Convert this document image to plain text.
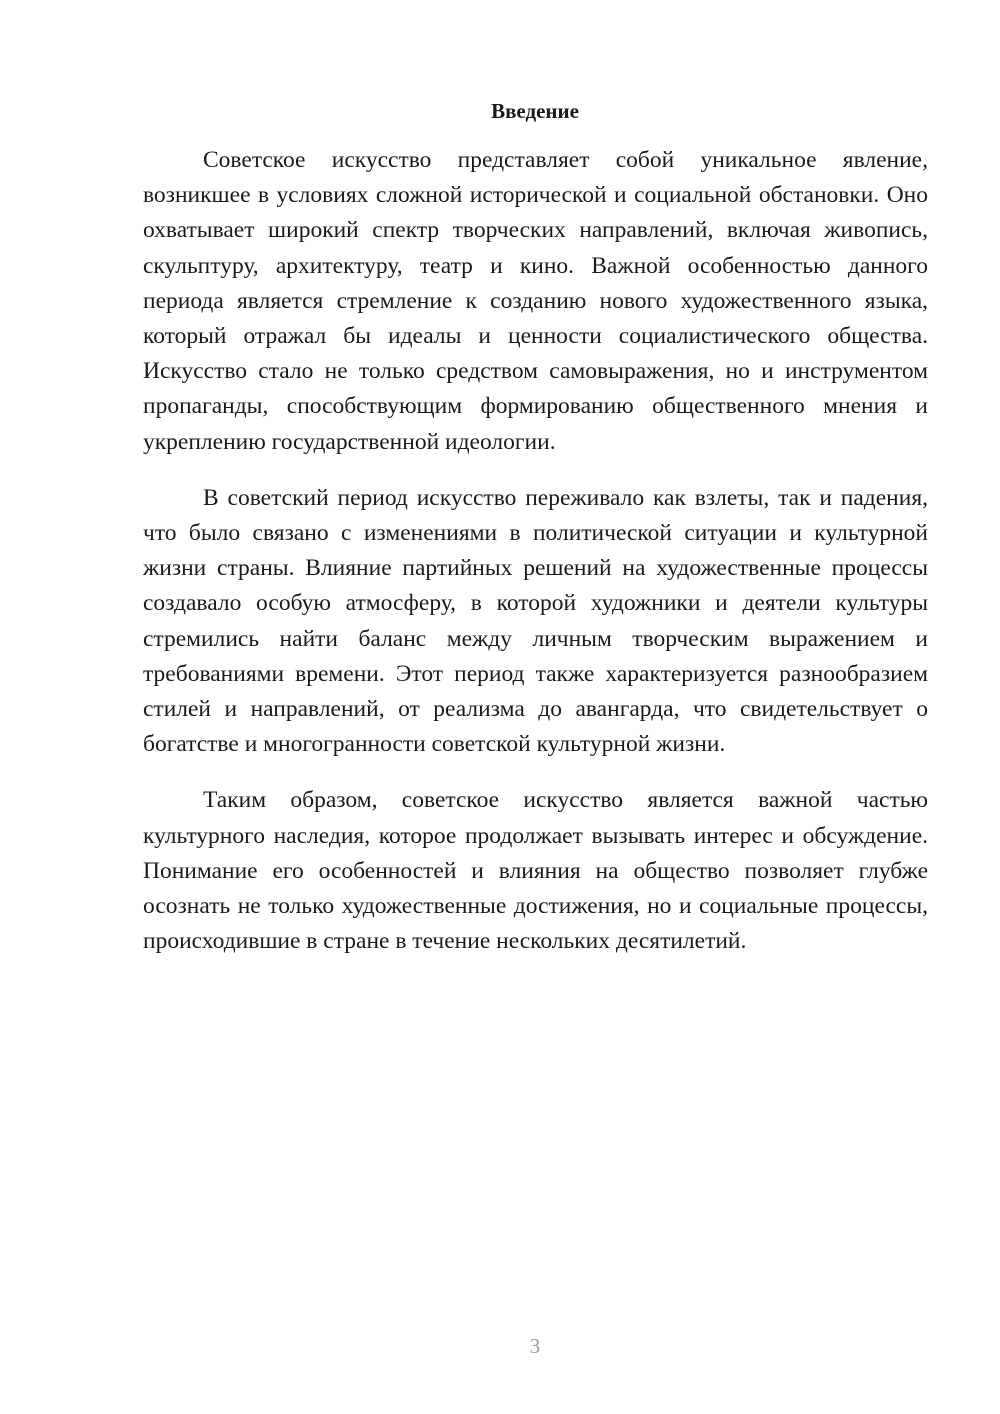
Введение

Советское искусство представляет собой уникальное явление, возникшее в условиях сложной исторической и социальной обстановки. Оно охватывает широкий спектр творческих направлений, включая живопись, скульптуру, архитектуру, театр и кино. Важной особенностью данного периода является стремление к созданию нового художественного языка, который отражал бы идеалы и ценности социалистического общества. Искусство стало не только средством самовыражения, но и инструментом пропаганды, способствующим формированию общественного мнения и укреплению государственной идеологии.

В советский период искусство переживало как взлеты, так и падения, что было связано с изменениями в политической ситуации и культурной жизни страны. Влияние партийных решений на художественные процессы создавало особую атмосферу, в которой художники и деятели культуры стремились найти баланс между личным творческим выражением и требованиями времени. Этот период также характеризуется разнообразием стилей и направлений, от реализма до авангарда, что свидетельствует о богатстве и многогранности советской культурной жизни.

Таким образом, советское искусство является важной частью культурного наследия, которое продолжает вызывать интерес и обсуждение. Понимание его особенностей и влияния на общество позволяет глубже осознать не только художественные достижения, но и социальные процессы, происходившие в стране в течение нескольких десятилетий.

3
